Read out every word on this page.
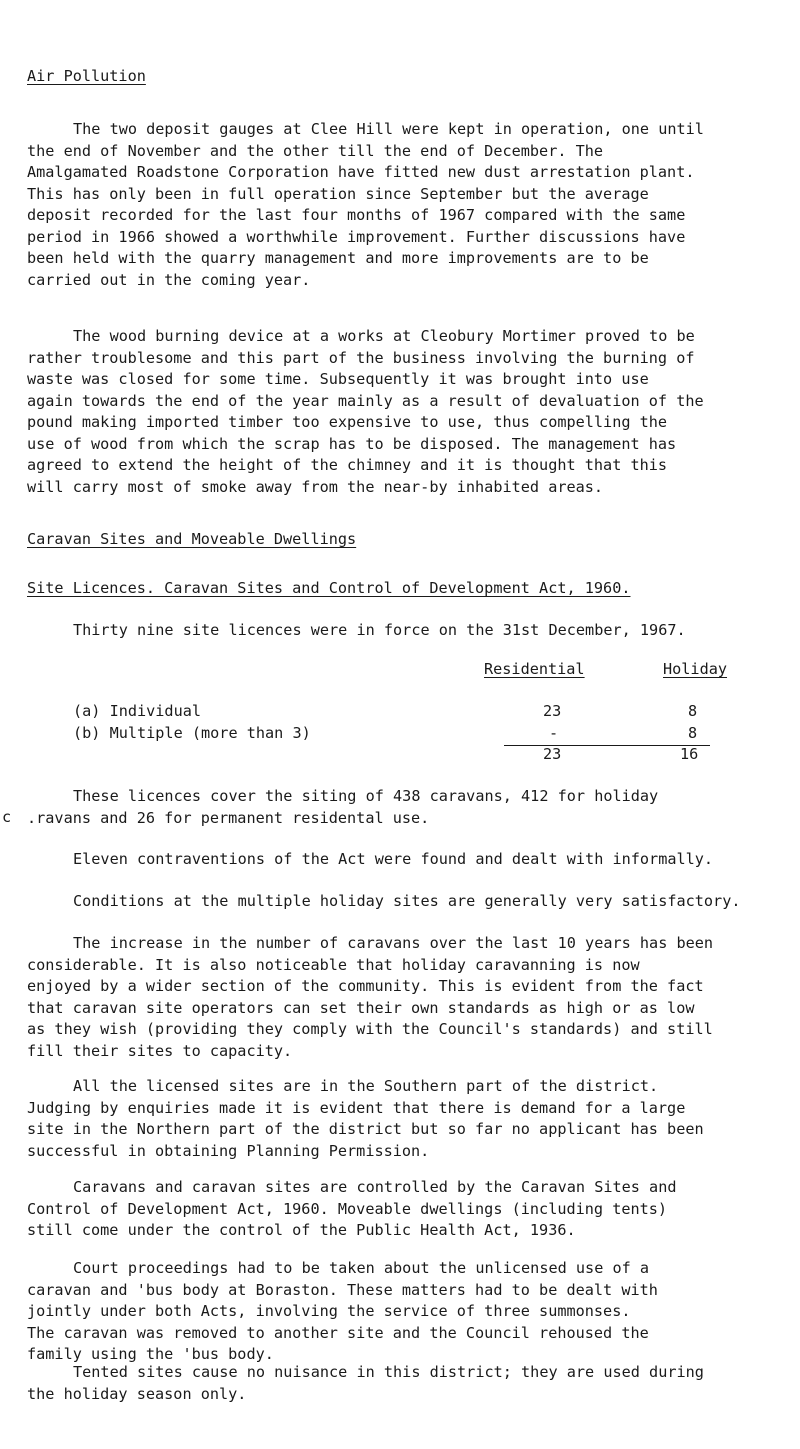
Air Pollution
The two deposit gauges at Clee Hill were kept in operation, one until
the end of November and the other till the end of December. The
Amalgamated Roadstone Corporation have fitted new dust arrestation plant.
This has only been in full operation since September but the average
deposit recorded for the last four months of 1967 compared with the same
period in 1966 showed a worthwhile improvement. Further discussions have
been held with the quarry management and more improvements are to be
carried out in the coming year.
The wood burning device at a works at Cleobury Mortimer proved to be
rather troublesome and this part of the business involving the burning of
waste was closed for some time. Subsequently it was brought into use
again towards the end of the year mainly as a result of devaluation of the
pound making imported timber too expensive to use, thus compelling the
use of wood from which the scrap has to be disposed. The management has
agreed to extend the height of the chimney and it is thought that this
will carry most of smoke away from the near-by inhabited areas.
Caravan Sites and Moveable Dwellings
Site Licences. Caravan Sites and Control of Development Act, 1960.
Thirty nine site licences were in force on the 31st December, 1967.
Residential	Holiday
(a) Individual	23	8
(b) Multiple (more than 3)	-	8
23	16
c
These licences cover the siting of 438 caravans, 412 for holiday
.ravans and 26 for permanent residental use.
Eleven contraventions of the Act were found and dealt with informally.
Conditions at the multiple holiday sites are generally very satisfactory.
The increase in the number of caravans over the last 10 years has been
considerable. It is also noticeable that holiday caravanning is now
enjoyed by a wider section of the community. This is evident from the fact
that caravan site operators can set their own standards as high or as low
as they wish (providing they comply with the Council's standards) and still
fill their sites to capacity.
All the licensed sites are in the Southern part of the district.
Judging by enquiries made it is evident that there is demand for a large
site in the Northern part of the district but so far no applicant has been
successful in obtaining Planning Permission.
Caravans and caravan sites are controlled by the Caravan Sites and
Control of Development Act, 1960. Moveable dwellings (including tents)
still come under the control of the Public Health Act, 1936.
Court proceedings had to be taken about the unlicensed use of a
caravan and 'bus body at Boraston. These matters had to be dealt with
jointly under both Acts, involving the service of three summonses.
The caravan was removed to another site and the Council rehoused the
family using the 'bus body.
Tented sites cause no nuisance in this district; they are used during
the holiday season only.
